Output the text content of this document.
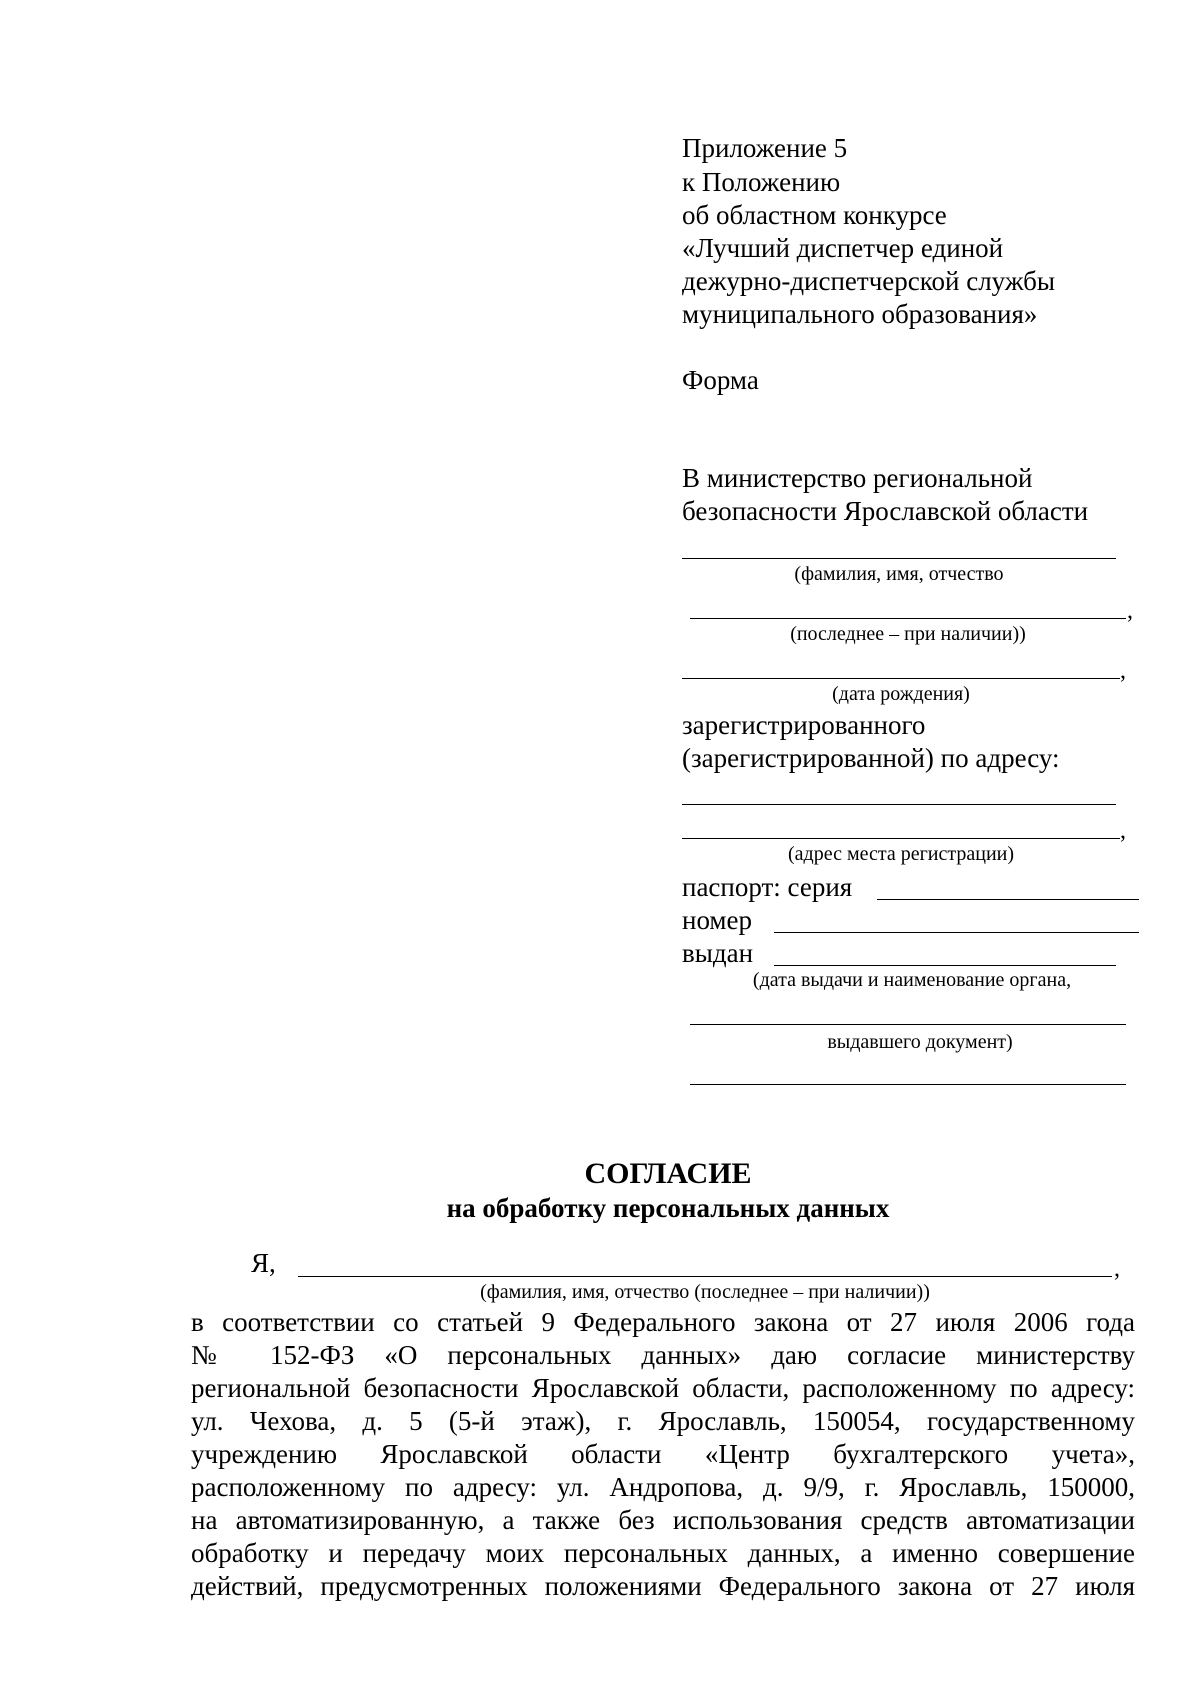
Приложение 5
к Положению
об областном конкурсе
«Лучший диспетчер единой
дежурно-диспетчерской службы
муниципального образования»
Форма
В министерство региональной
безопасности Ярославской области
(фамилия, имя, отчество
,
(последнее – при наличии))
,
(дата рождения)
зарегистрированного
(зарегистрированной) по адресу:
,
(адрес места регистрации)
паспорт: серия
номер
выдан
(дата выдачи и наименование органа,
выдавшего документ)
СОГЛАСИЕ
на обработку персональных данных
Я,	,
(фамилия, имя, отчество (последнее – при наличии))
в соответствии со статьей 9 Федерального закона от 27 июля 2006 года
№ 152-ФЗ «О персональных данных» даю согласие министерству
региональной безопасности Ярославской области, расположенному по адресу:
ул. Чехова, д. 5 (5-й этаж), г. Ярославль, 150054, государственному
учреждению Ярославской области «Центр бухгалтерского учета»,
расположенному по адресу: ул. Андропова, д. 9/9, г. Ярославль, 150000,
на автоматизированную, а также без использования средств автоматизации
обработку и передачу моих персональных данных, а именно совершение
действий, предусмотренных положениями Федерального закона от 27 июля
